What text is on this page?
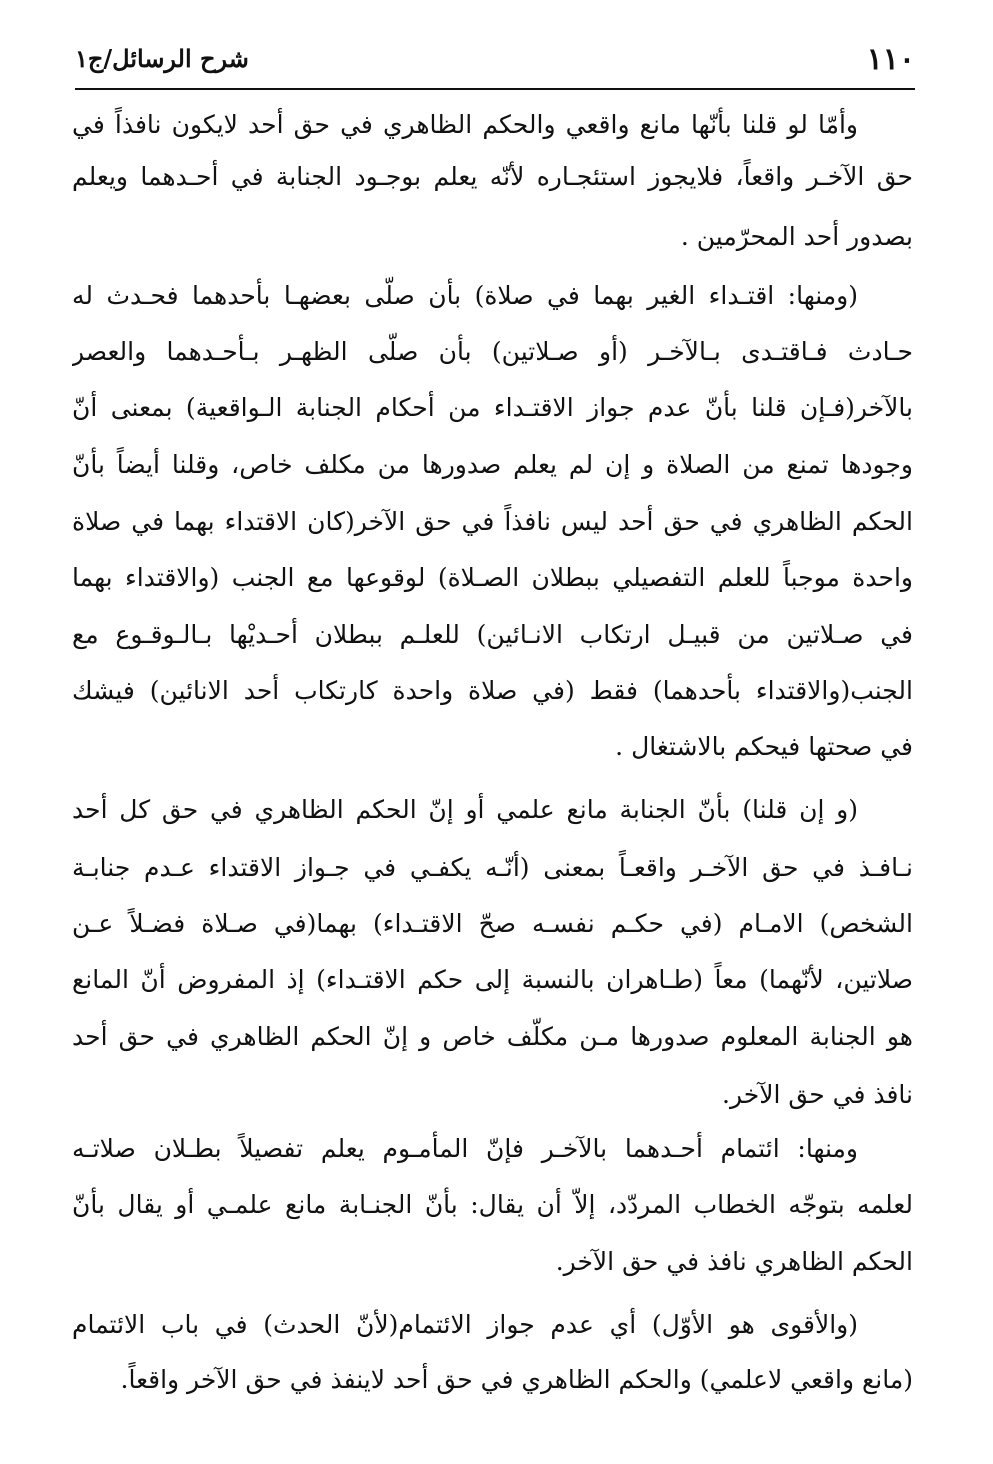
١١٠
شرح الرسائل/ج١
وأمّا لو قلنا بأنّها مانع واقعي والحكم الظاهري في حق أحد لايكون نافذاً في
حق الآخـر واقعاً، فلايجوز استئجـاره لأنّه يعلم بوجـود الجنابة في أحـدهما ويعلم
بصدور أحد المحرّمين .
(ومنها: اقتـداء الغير بهما في صلاة) بأن صلّى بعضهـا بأحدهما فحـدث له
حـادث فـاقتـدى بـالآخـر (أو صـلاتين) بأن صلّى الظهـر بـأحـدهما والعصر
بالآخر(فـإن قلنا بأنّ عدم جواز الاقتـداء من أحكام الجنابة الـواقعية) بمعنى أنّ
وجودها تمنع من الصلاة و إن لم يعلم صدورها من مكلف خاص، وقلنا أيضاً بأنّ
الحكم الظاهري في حق أحد ليس نافذاً في حق الآخر(كان الاقتداء بهما في صلاة
واحدة موجباً للعلم التفصيلي ببطلان الصـلاة) لوقوعها مع الجنب (والاقتداء بهما
في صـلاتين من قبيـل ارتكاب الانـائين) للعلـم ببطلان أحـديْها بـالـوقـوع مع
الجنب(والاقتداء بأحدهما) فقط (في صلاة واحدة كارتكاب أحد الانائين) فيشك
في صحتها فيحكم بالاشتغال .
(و إن قلنا) بأنّ الجنابة مانع علمي أو إنّ الحكم الظاهري في حق كل أحد
نـافـذ في حق الآخـر واقعـاً بمعنى (أنّـه يكفـي في جـواز الاقتداء عـدم جنابـة
الشخص) الامـام (في حكـم نفسـه صحّ الاقتـداء) بهما(في صـلاة فضـلاً عـن
صلاتين، لأنّهما) معاً (طـاهران بالنسبة إلى حكم الاقتـداء) إذ المفروض أنّ المانع
هو الجنابة المعلوم صدورها مـن مكلّف خاص و إنّ الحكم الظاهري في حق أحد
نافذ في حق الآخر.
ومنها: ائتمام أحـدهما بالآخـر فإنّ المأمـوم يعلم تفصيلاً بطـلان صلاتـه
لعلمه بتوجّه الخطاب المردّد، إلاّ أن يقال: بأنّ الجنـابة مانع علمـي أو يقال بأنّ
الحكم الظاهري نافذ في حق الآخر.
(والأقوى هو الأوّل) أي عدم جواز الائتمام(لأنّ الحدث) في باب الائتمام
(مانع واقعي لاعلمي) والحكم الظاهري في حق أحد لاينفذ في حق الآخر واقعاً.
